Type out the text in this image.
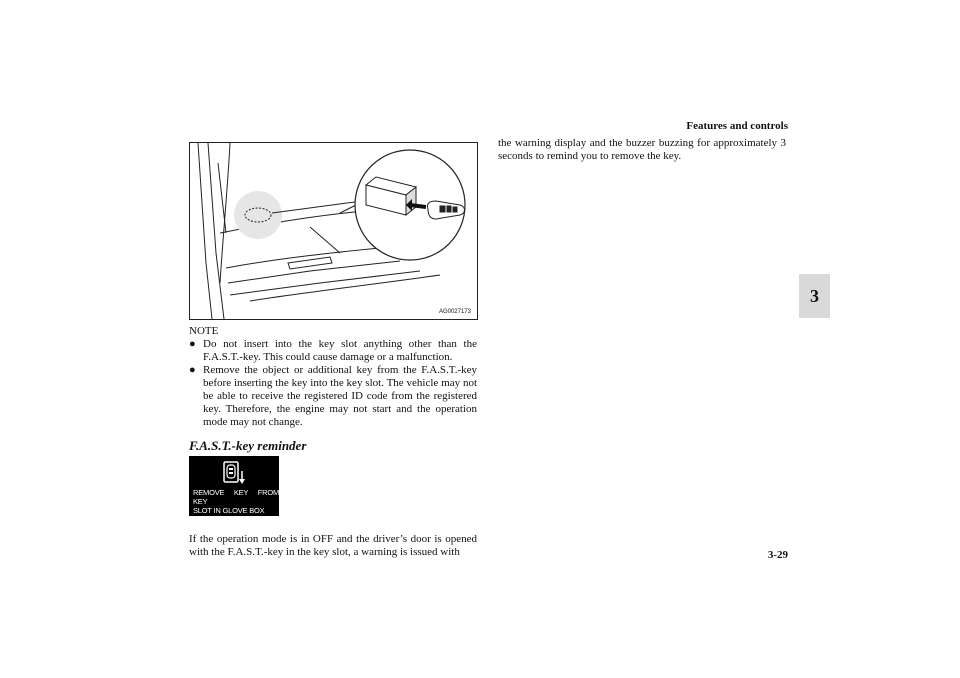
Features and controls
3
AG0027173

NOTE

● Do not insert into the key slot anything other than the F.A.S.T.-key. This could cause damage or a malfunction.
● Remove the object or additional key from the F.A.S.T.-key before inserting the key into the key slot. The vehicle may not be able to receive the registered ID code from the registered key. Therefore, the engine may not start and the operation mode may not change.
F.A.S.T.-key reminder
REMOVE KEY FROM KEY
SLOT IN GLOVE BOX

If the operation mode is in OFF and the driver’s door is opened with the F.A.S.T.-key in the key slot, a warning is issued with

the warning display and the buzzer buzzing for approximately 3 seconds to remind you to remove the key.

3-29
